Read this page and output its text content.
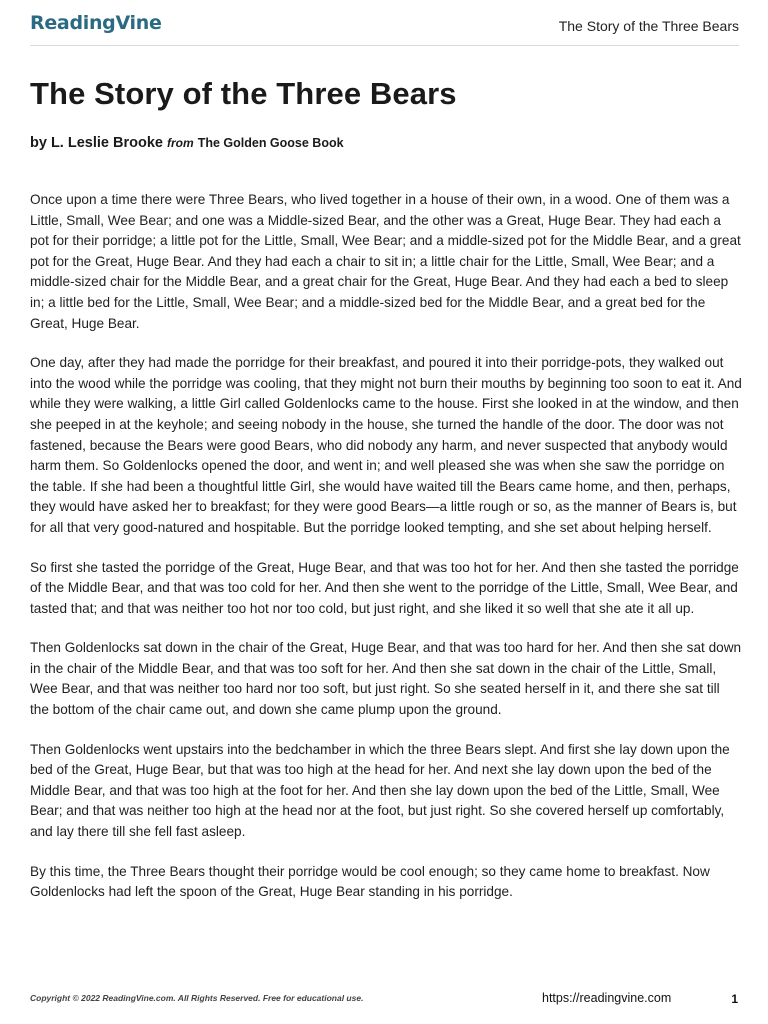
ReadingVine	The Story of the Three Bears
The Story of the Three Bears
by L. Leslie Brooke from The Golden Goose Book

Once upon a time there were Three Bears, who lived together in a house of their own, in a wood. One of them was a Little, Small, Wee Bear; and one was a Middle-sized Bear, and the other was a Great, Huge Bear. They had each a pot for their porridge; a little pot for the Little, Small, Wee Bear; and a middle-sized pot for the Middle Bear, and a great pot for the Great, Huge Bear. And they had each a chair to sit in; a little chair for the Little, Small, Wee Bear; and a middle-sized chair for the Middle Bear, and a great chair for the Great, Huge Bear. And they had each a bed to sleep in; a little bed for the Little, Small, Wee Bear; and a middle-sized bed for the Middle Bear, and a great bed for the Great, Huge Bear.

One day, after they had made the porridge for their breakfast, and poured it into their porridge-pots, they walked out into the wood while the porridge was cooling, that they might not burn their mouths by beginning too soon to eat it. And while they were walking, a little Girl called Goldenlocks came to the house. First she looked in at the window, and then she peeped in at the keyhole; and seeing nobody in the house, she turned the handle of the door. The door was not fastened, because the Bears were good Bears, who did nobody any harm, and never suspected that anybody would harm them. So Goldenlocks opened the door, and went in; and well pleased she was when she saw the porridge on the table. If she had been a thoughtful little Girl, she would have waited till the Bears came home, and then, perhaps, they would have asked her to breakfast; for they were good Bears—a little rough or so, as the manner of Bears is, but for all that very good-natured and hospitable. But the porridge looked tempting, and she set about helping herself.

So first she tasted the porridge of the Great, Huge Bear, and that was too hot for her. And then she tasted the porridge of the Middle Bear, and that was too cold for her. And then she went to the porridge of the Little, Small, Wee Bear, and tasted that; and that was neither too hot nor too cold, but just right, and she liked it so well that she ate it all up.

Then Goldenlocks sat down in the chair of the Great, Huge Bear, and that was too hard for her. And then she sat down in the chair of the Middle Bear, and that was too soft for her. And then she sat down in the chair of the Little, Small, Wee Bear, and that was neither too hard nor too soft, but just right. So she seated herself in it, and there she sat till the bottom of the chair came out, and down she came plump upon the ground.

Then Goldenlocks went upstairs into the bedchamber in which the three Bears slept. And first she lay down upon the bed of the Great, Huge Bear, but that was too high at the head for her. And next she lay down upon the bed of the Middle Bear, and that was too high at the foot for her. And then she lay down upon the bed of the Little, Small, Wee Bear; and that was neither too high at the head nor at the foot, but just right. So she covered herself up comfortably, and lay there till she fell fast asleep.

By this time, the Three Bears thought their porridge would be cool enough; so they came home to breakfast. Now Goldenlocks had left the spoon of the Great, Huge Bear standing in his porridge.

Copyright © 2022 ReadingVine.com. All Rights Reserved. Free for educational use.	https://readingvine.com	1
